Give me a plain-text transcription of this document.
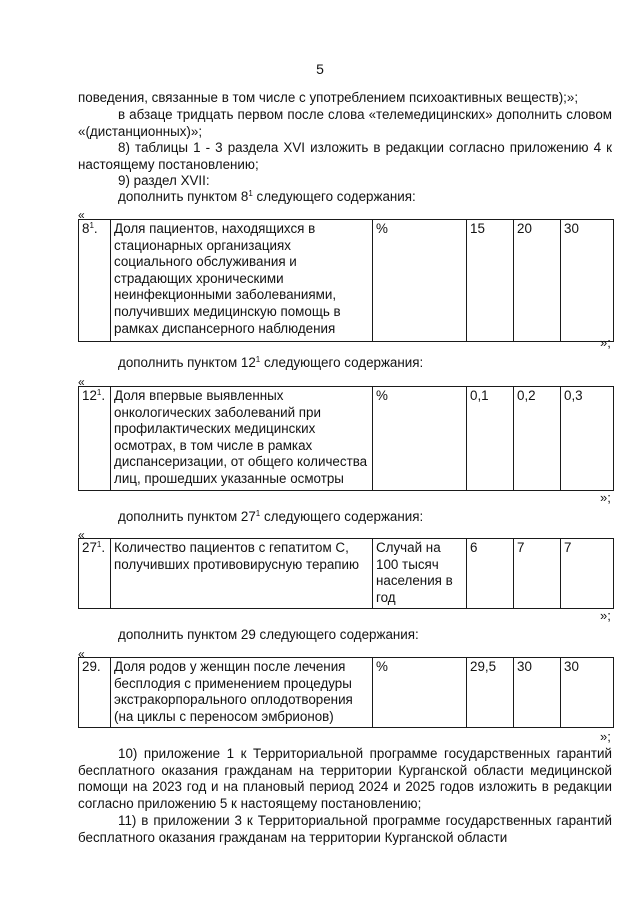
5

поведения, связанные в том числе с употреблением психоактивных веществ);»;

в абзаце тридцать первом после слова «телемедицинских» дополнить словом «(дистанционных)»;

8) таблицы 1 - 3 раздела XVI изложить в редакции согласно приложению 4 к настоящему постановлению;

9) раздел XVII:

дополнить пунктом $8^1$ следующего содержания:

«
$8^1$.	Доля пациентов, находящихся в стационарных организациях социального обслуживания и страдающих хроническими неинфекционными заболеваниями, получивших медицинскую помощь в рамках диспансерного наблюдения	%	15	20	30
»;

дополнить пунктом $12^1$ следующего содержания:

«
$12^1$.	Доля впервые выявленных онкологических заболеваний при профилактических медицинских осмотрах, в том числе в рамках диспансеризации, от общего количества лиц, прошедших указанные осмотры	%	0,1	0,2	0,3
»;

дополнить пунктом $27^1$ следующего содержания:

«
$27^1$.	Количество пациентов с гепатитом С, получивших противовирусную терапию	Случай на 100 тысяч населения в год	6	7	7
»;

дополнить пунктом 29 следующего содержания:

«
29.	Доля родов у женщин после лечения бесплодия с применением процедуры экстракорпорального оплодотворения (на циклы с переносом эмбрионов)	%	29,5	30	30
»;

10) приложение 1 к Территориальной программе государственных гарантий бесплатного оказания гражданам на территории Курганской области медицинской помощи на 2023 год и на плановый период 2024 и 2025 годов изложить в редакции согласно приложению 5 к настоящему постановлению;

11) в приложении 3 к Территориальной программе государственных гарантий бесплатного оказания гражданам на территории Курганской области
